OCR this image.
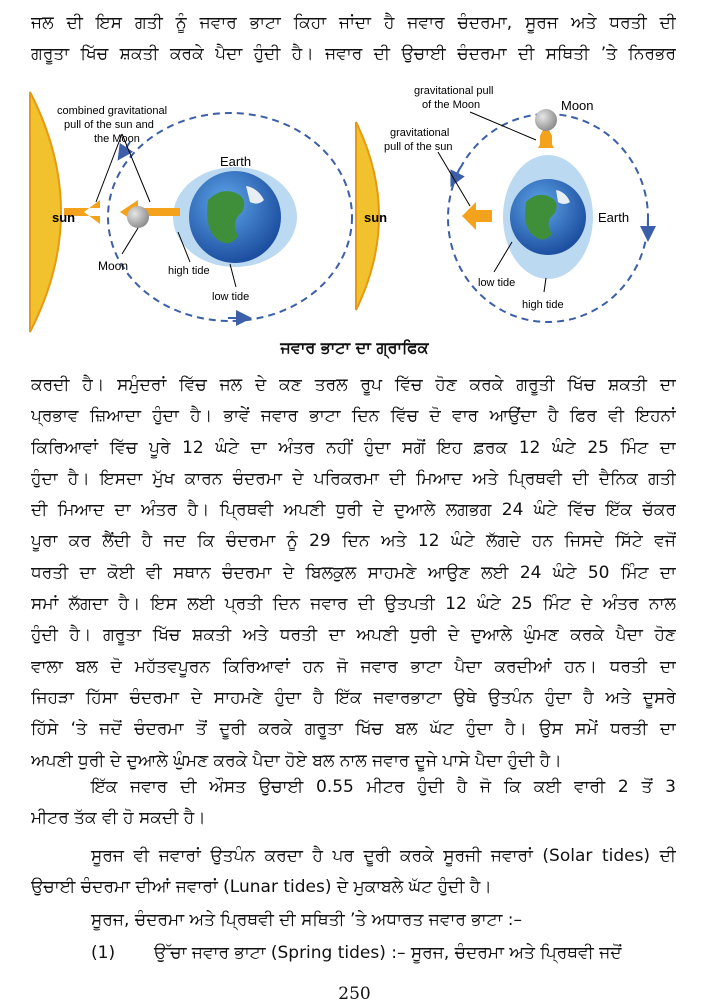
ਜਲ ਦੀ ਇਸ ਗਤੀ ਨੂੰ ਜਵਾਰ ਭਾਟਾ ਕਿਹਾ ਜਾਂਦਾ ਹੈ ਜਵਾਰ ਚੰਦਰਮਾ, ਸੂਰਜ ਅਤੇ ਧਰਤੀ ਦੀ
ਗਰੂਤਾ ਖਿੱਚ ਸ਼ਕਤੀ ਕਰਕੇ ਪੈਦਾ ਹੁੰਦੀ ਹੈ। ਜਵਾਰ ਦੀ ਉਚਾਈ ਚੰਦਰਮਾ ਦੀ ਸਥਿਤੀ ’ਤੇ ਨਿਰਭਰ
combined gravitational
pull of the sun and
the Moon
sun
Earth
Moon	high tide
low tide
gravitational pull
of the Moon	Moon
gravitational
pull of the sun
sun	Earth
low tide
high tide
ਜਵਾਰ ਭਾਟਾ ਦਾ ਗ੍ਰਾਫਿਕ
ਕਰਦੀ ਹੈ। ਸਮੁੰਦਰਾਂ ਵਿੱਚ ਜਲ ਦੇ ਕਣ ਤਰਲ ਰੂਪ ਵਿੱਚ ਹੋਣ ਕਰਕੇ ਗਰੂਤੀ ਖਿੱਚ ਸ਼ਕਤੀ ਦਾ
ਪ੍ਰਭਾਵ ਜ਼ਿਆਦਾ ਹੁੰਦਾ ਹੈ। ਭਾਵੇਂ ਜਵਾਰ ਭਾਟਾ ਦਿਨ ਵਿੱਚ ਦੋ ਵਾਰ ਆਉਂਦਾ ਹੈ ਫਿਰ ਵੀ ਇਹਨਾਂ
ਕਿਰਿਆਵਾਂ ਵਿੱਚ ਪੂਰੇ 12 ਘੰਟੇ ਦਾ ਅੰਤਰ ਨਹੀਂ ਹੁੰਦਾ ਸਗੋਂ ਇਹ ਫ਼ਰਕ 12 ਘੰਟੇ 25 ਮਿੰਟ ਦਾ
ਹੁੰਦਾ ਹੈ। ਇਸਦਾ ਮੁੱਖ ਕਾਰਨ ਚੰਦਰਮਾ ਦੇ ਪਰਿਕਰਮਾ ਦੀ ਮਿਆਦ ਅਤੇ ਪ੍ਰਿਥਵੀ ਦੀ ਦੈਨਿਕ ਗਤੀ
ਦੀ ਮਿਆਦ ਦਾ ਅੰਤਰ ਹੈ। ਪ੍ਰਿਥਵੀ ਅਪਣੀ ਧੁਰੀ ਦੇ ਦੁਆਲੇ ਲਗਭਗ 24 ਘੰਟੇ ਵਿੱਚ ਇੱਕ ਚੱਕਰ
ਪੂਰਾ ਕਰ ਲੈਂਦੀ ਹੈ ਜਦ ਕਿ ਚੰਦਰਮਾ ਨੂੰ 29 ਦਿਨ ਅਤੇ 12 ਘੰਟੇ ਲੱਗਦੇ ਹਨ ਜਿਸਦੇ ਸਿੱਟੇ ਵਜੋਂ
ਧਰਤੀ ਦਾ ਕੋਈ ਵੀ ਸਥਾਨ ਚੰਦਰਮਾ ਦੇ ਬਿਲਕੁਲ ਸਾਹਮਣੇ ਆਉਣ ਲਈ 24 ਘੰਟੇ 50 ਮਿੰਟ ਦਾ
ਸਮਾਂ ਲੱਗਦਾ ਹੈ। ਇਸ ਲਈ ਪ੍ਰਤੀ ਦਿਨ ਜਵਾਰ ਦੀ ਉਤਪਤੀ 12 ਘੰਟੇ 25 ਮਿੰਟ ਦੇ ਅੰਤਰ ਨਾਲ
ਹੁੰਦੀ ਹੈ। ਗਰੂਤਾ ਖਿੱਚ ਸ਼ਕਤੀ ਅਤੇ ਧਰਤੀ ਦਾ ਅਪਣੀ ਧੁਰੀ ਦੇ ਦੁਆਲੇ ਘੁੰਮਣ ਕਰਕੇ ਪੈਦਾ ਹੋਣ
ਵਾਲਾ ਬਲ ਦੋ ਮਹੱਤਵਪੂਰਨ ਕਿਰਿਆਵਾਂ ਹਨ ਜੋ ਜਵਾਰ ਭਾਟਾ ਪੈਦਾ ਕਰਦੀਆਂ ਹਨ। ਧਰਤੀ ਦਾ
ਜਿਹੜਾ ਹਿੱਸਾ ਚੰਦਰਮਾ ਦੇ ਸਾਹਮਣੇ ਹੁੰਦਾ ਹੈ ਇੱਕ ਜਵਾਰਭਾਟਾ ਉਥੇ ਉਤਪੰਨ ਹੁੰਦਾ ਹੈ ਅਤੇ ਦੂਸਰੇ
ਹਿੱਸੇ ‘ਤੇ ਜਦੋਂ ਚੰਦਰਮਾ ਤੋਂ ਦੂਰੀ ਕਰਕੇ ਗਰੂਤਾ ਖਿੱਚ ਬਲ ਘੱਟ ਹੁੰਦਾ ਹੈ। ਉਸ ਸਮੇਂ ਧਰਤੀ ਦਾ
ਅਪਣੀ ਧੁਰੀ ਦੇ ਦੁਆਲੇ ਘੁੰਮਣ ਕਰਕੇ ਪੈਦਾ ਹੋਏ ਬਲ ਨਾਲ ਜਵਾਰ ਦੂਜੇ ਪਾਸੇ ਪੈਦਾ ਹੁੰਦੀ ਹੈ।
ਇੱਕ ਜਵਾਰ ਦੀ ਔਸਤ ਉਚਾਈ 0.55 ਮੀਟਰ ਹੁੰਦੀ ਹੈ ਜੋ ਕਿ ਕਈ ਵਾਰੀ 2 ਤੋਂ 3
ਮੀਟਰ ਤੱਕ ਵੀ ਹੋ ਸਕਦੀ ਹੈ।
ਸੂਰਜ ਵੀ ਜਵਾਰਾਂ ਉਤਪੰਨ ਕਰਦਾ ਹੈ ਪਰ ਦੂਰੀ ਕਰਕੇ ਸੂਰਜੀ ਜਵਾਰਾਂ (Solar tides) ਦੀ
ਉਚਾਈ ਚੰਦਰਮਾ ਦੀਆਂ ਜਵਾਰਾਂ (Lunar tides) ਦੇ ਮੁਕਾਬਲੇ ਘੱਟ ਹੁੰਦੀ ਹੈ।
ਸੂਰਜ, ਚੰਦਰਮਾ ਅਤੇ ਪ੍ਰਿਥਵੀ ਦੀ ਸਥਿਤੀ ’ਤੇ ਅਧਾਰਤ ਜਵਾਰ ਭਾਟਾ :–
(1) ਉੱਚਾ ਜਵਾਰ ਭਾਟਾ (Spring tides) :– ਸੂਰਜ, ਚੰਦਰਮਾ ਅਤੇ ਪ੍ਰਿਥਵੀ ਜਦੋਂ
250
